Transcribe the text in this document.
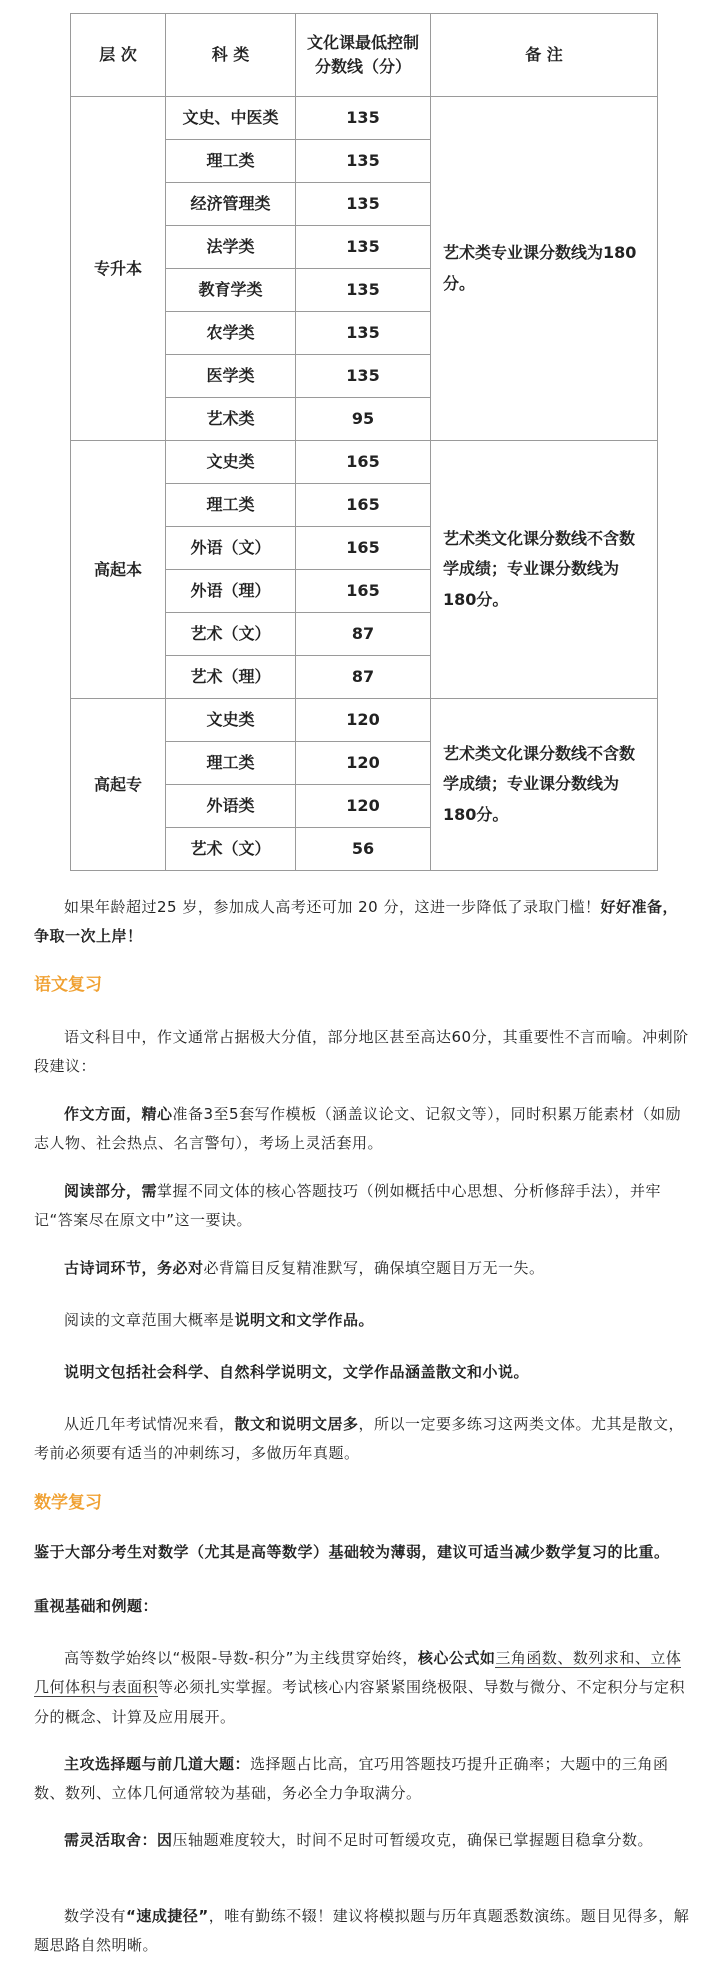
层 次	科 类	文化课最低控制分数线（分）	备 注
专升本	文史、中医类	135	艺术类专业课分数线为180分。
	理工类	135	
	经济管理类	135	
	法学类	135	
	教育学类	135	
	农学类	135	
	医学类	135	
	艺术类	95	
高起本	文史类	165	艺术类文化课分数线不含数学成绩；专业课分数线为180分。
	理工类	165	
	外语（文）	165	
	外语（理）	165	
	艺术（文）	87	
	艺术（理）	87	
高起专	文史类	120	艺术类文化课分数线不含数学成绩；专业课分数线为180分。
	理工类	120	
	外语类	120	
	艺术（文）	56	

如果年龄超过25 岁，参加成人高考还可加 20 分，这进一步降低了录取门槛！好好准备，争取一次上岸！

语文复习

语文科目中，作文通常占据极大分值，部分地区甚至高达60分，其重要性不言而喻。冲刺阶段建议：

作文方面，精心准备3至5套写作模板（涵盖议论文、记叙文等），同时积累万能素材（如励志人物、社会热点、名言警句），考场上灵活套用。

阅读部分，需掌握不同文体的核心答题技巧（例如概括中心思想、分析修辞手法），并牢记“答案尽在原文中”这一要诀。

古诗词环节，务必对必背篇目反复精准默写，确保填空题目万无一失。

阅读的文章范围大概率是说明文和文学作品。

说明文包括社会科学、自然科学说明文，文学作品涵盖散文和小说。

从近几年考试情况来看，散文和说明文居多，所以一定要多练习这两类文体。尤其是散文，考前必须要有适当的冲刺练习，多做历年真题。

数学复习

鉴于大部分考生对数学（尤其是高等数学）基础较为薄弱，建议可适当减少数学复习的比重。

重视基础和例题：

高等数学始终以“极限-导数-积分”为主线贯穿始终，核心公式如三角函数、数列求和、立体几何体积与表面积等必须扎实掌握。考试核心内容紧紧围绕极限、导数与微分、不定积分与定积分的概念、计算及应用展开。

主攻选择题与前几道大题：选择题占比高，宜巧用答题技巧提升正确率；大题中的三角函数、数列、立体几何通常较为基础，务必全力争取满分。

需灵活取舍：因压轴题难度较大，时间不足时可暂缓攻克，确保已掌握题目稳拿分数。

数学没有“速成捷径”，唯有勤练不辍！建议将模拟题与历年真题悉数演练。题目见得多，解题思路自然明晰。
